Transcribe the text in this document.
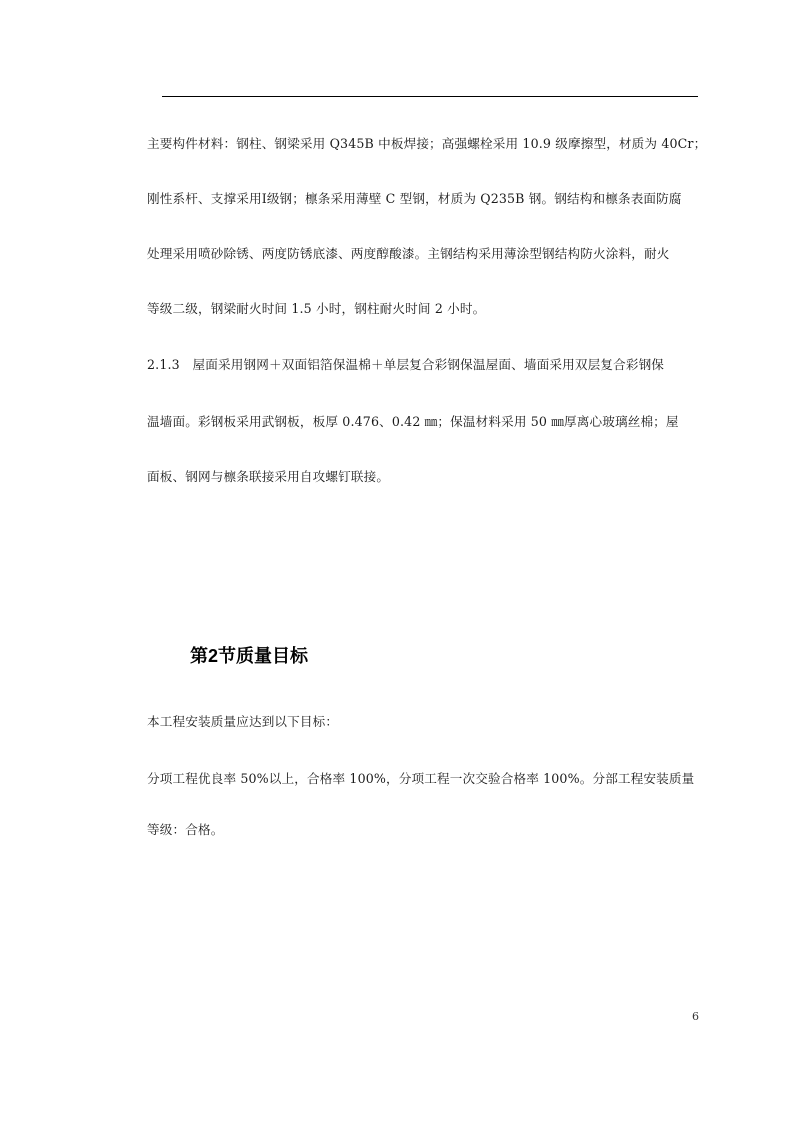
主要构件材料：钢柱、钢梁采用 Q345B 中板焊接；高强螺栓采用 10.9 级摩擦型，材质为 40Cr；
刚性系杆、支撑采用Ⅰ级钢；檩条采用薄壁 C 型钢，材质为 Q235B 钢。钢结构和檩条表面防腐
处理采用喷砂除锈、两度防锈底漆、两度醇酸漆。主钢结构采用薄涂型钢结构防火涂料，耐火
等级二级，钢梁耐火时间 1.5 小时，钢柱耐火时间 2 小时。
2.1.3　屋面采用钢网＋双面铝箔保温棉＋单层复合彩钢保温屋面、墙面采用双层复合彩钢保
温墙面。彩钢板采用武钢板，板厚 0.476、0.42 ㎜；保温材料采用 50 ㎜厚离心玻璃丝棉；屋
面板、钢网与檩条联接采用自攻螺钉联接。
第2节质量目标
本工程安装质量应达到以下目标：
分项工程优良率 50%以上，合格率 100%，分项工程一次交验合格率 100%。分部工程安装质量
等级：合格。
6
